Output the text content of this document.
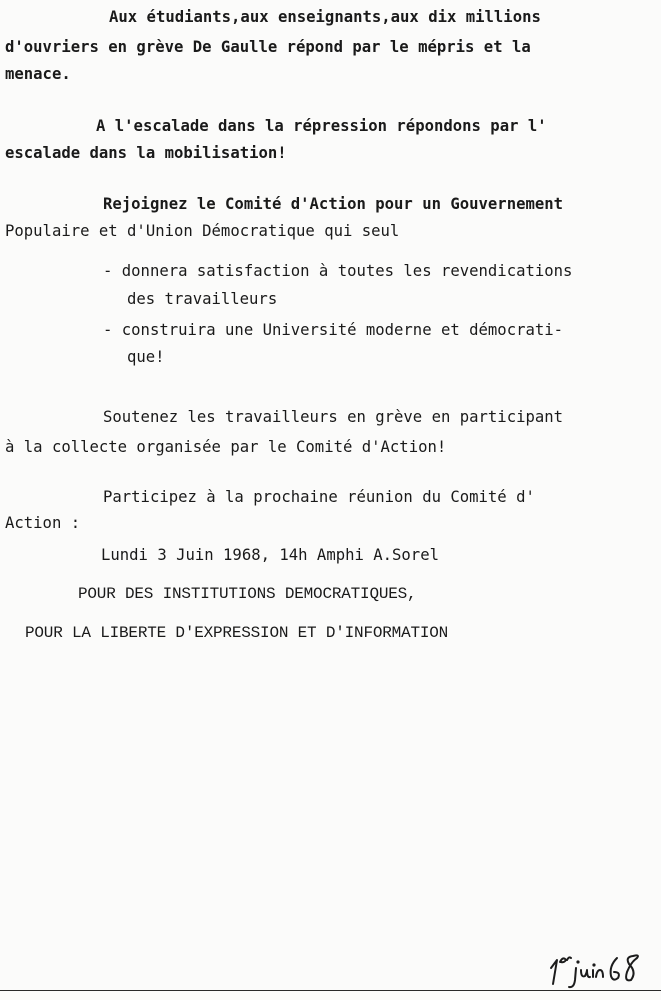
Aux étudiants,aux enseignants,aux dix millions

d'ouvriers en grève De Gaulle répond par le mépris et la

menace.

A l'escalade dans la répression répondons par l'

escalade dans la mobilisation!

Rejoignez le Comité d'Action pour un Gouvernement

Populaire et d'Union Démocratique qui seul

- donnera satisfaction à toutes les revendications

des travailleurs

- construira une Université moderne et démocrati-

que!

Soutenez les travailleurs en grève en participant

à la collecte organisée par le Comité d'Action!

Participez à la prochaine réunion du Comité d'

Action :

Lundi 3 Juin 1968, 14h Amphi A.Sorel

POUR DES INSTITUTIONS DEMOCRATIQUES,

POUR LA LIBERTE D'EXPRESSION ET D'INFORMATION
